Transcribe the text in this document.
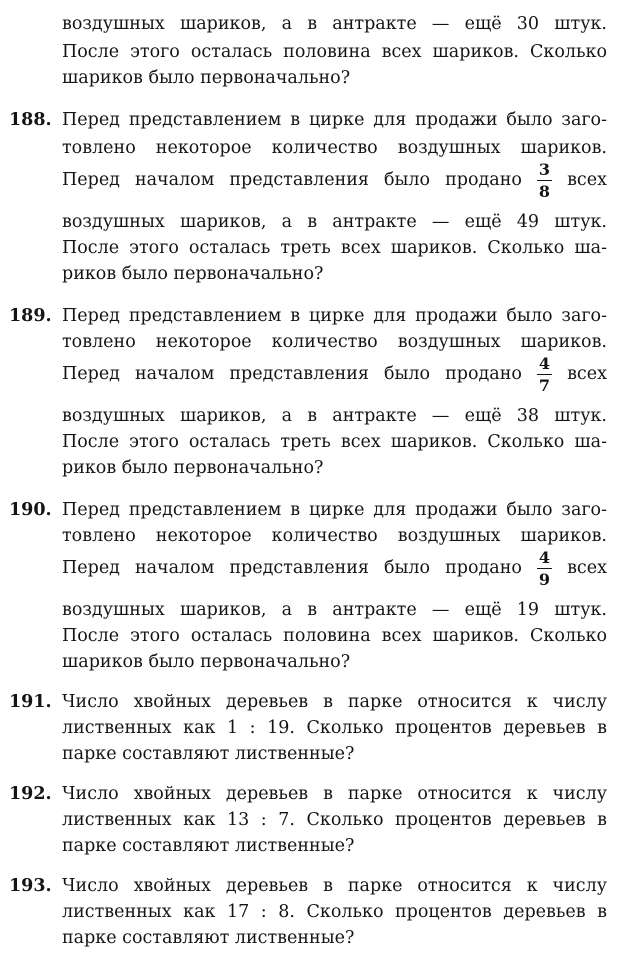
воздушных шариков, а в антракте — ещё 30 штук.
После этого осталась половина всех шариков. Сколько
шариков было первоначально?
188. Перед представлением в цирке для продажи было заго-
товлено некоторое количество воздушных шариков.
Перед началом представления было продано $\frac{3}{8}$ всех
воздушных шариков, а в антракте — ещё 49 штук.
После этого осталась треть всех шариков. Сколько ша-
риков было первоначально?
189. Перед представлением в цирке для продажи было заго-
товлено некоторое количество воздушных шариков.
Перед началом представления было продано $\frac{4}{7}$ всех
воздушных шариков, а в антракте — ещё 38 штук.
После этого осталась треть всех шариков. Сколько ша-
риков было первоначально?
190. Перед представлением в цирке для продажи было заго-
товлено некоторое количество воздушных шариков.
Перед началом представления было продано $\frac{4}{9}$ всех
воздушных шариков, а в антракте — ещё 19 штук.
После этого осталась половина всех шариков. Сколько
шариков было первоначально?
191. Число хвойных деревьев в парке относится к числу
лиственных как 1 : 19. Сколько процентов деревьев в
парке составляют лиственные?
192. Число хвойных деревьев в парке относится к числу
лиственных как 13 : 7. Сколько процентов деревьев в
парке составляют лиственные?
193. Число хвойных деревьев в парке относится к числу
лиственных как 17 : 8. Сколько процентов деревьев в
парке составляют лиственные?
